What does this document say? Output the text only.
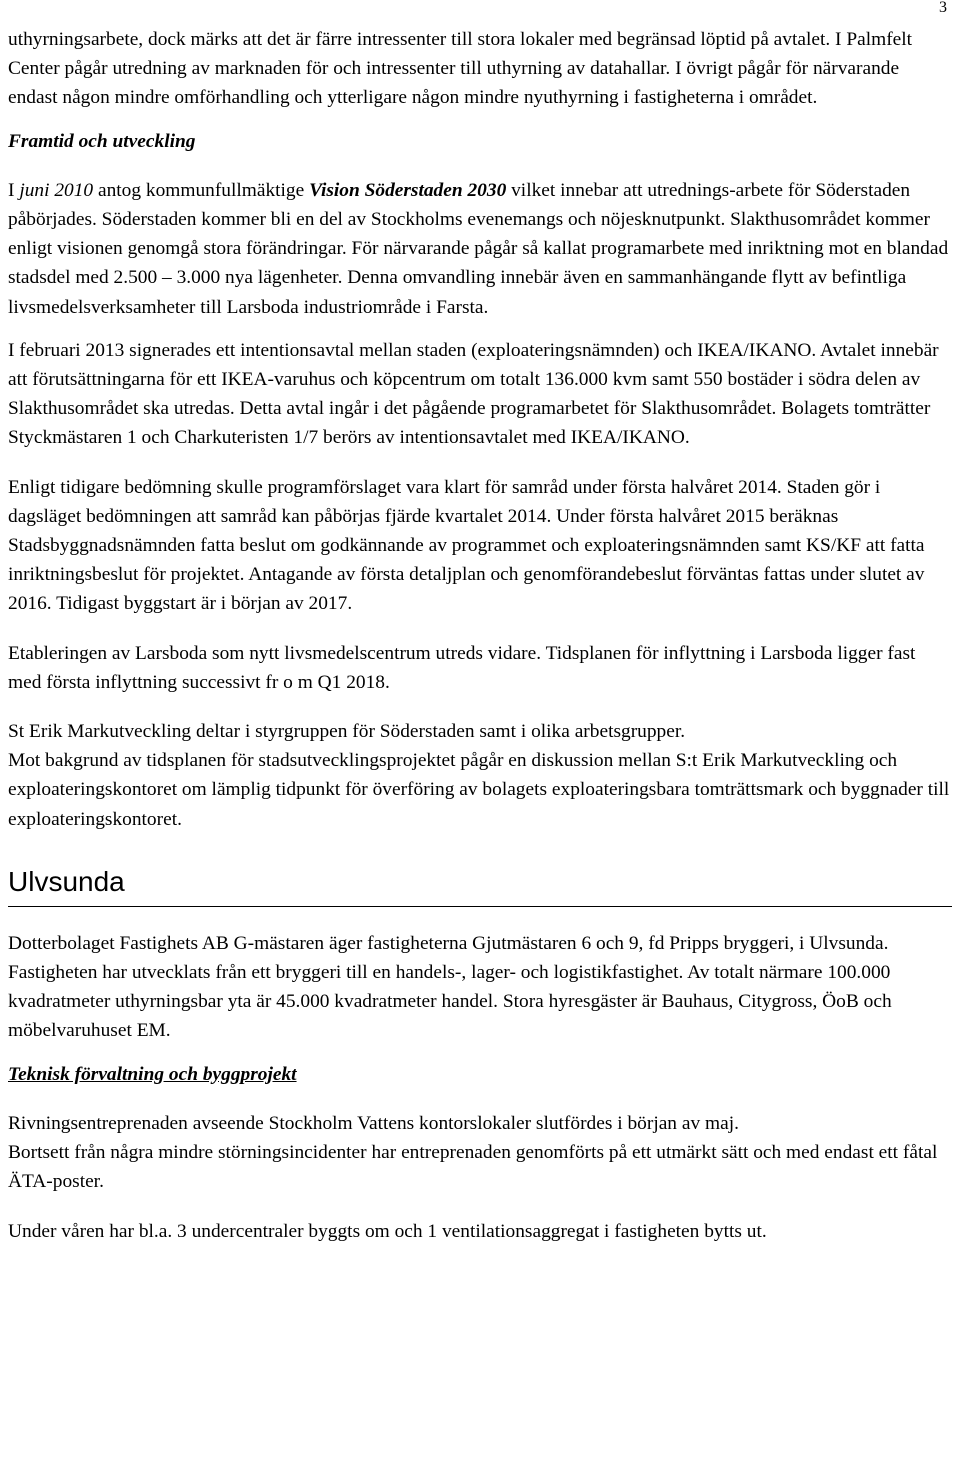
3

uthyrningsarbete, dock märks att det är färre intressenter till stora lokaler med begränsad löptid på avtalet. I Palmfelt Center pågår utredning av marknaden för och intressenter till uthyrning av datahallar. I övrigt pågår för närvarande endast någon mindre omförhandling och ytterligare någon mindre nyuthyrning i fastigheterna i området.

Framtid och utveckling

I juni 2010 antog kommunfullmäktige Vision Söderstaden 2030 vilket innebar att utrednings-arbete för Söderstaden påbörjades. Söderstaden kommer bli en del av Stockholms evenemangs och nöjesknutpunkt. Slakthusområdet kommer enligt visionen genomgå stora förändringar. För närvarande pågår så kallat programarbete med inriktning mot en blandad stadsdel med 2.500 – 3.000 nya lägenheter. Denna omvandling innebär även en sammanhängande flytt av befintliga livsmedelsverksamheter till Larsboda industriområde i Farsta.

I februari 2013 signerades ett intentionsavtal mellan staden (exploateringsnämnden) och IKEA/IKANO. Avtalet innebär att förutsättningarna för ett IKEA-varuhus och köpcentrum om totalt 136.000 kvm samt 550 bostäder i södra delen av Slakthusområdet ska utredas. Detta avtal ingår i det pågående programarbetet för Slakthusområdet. Bolagets tomträtter Styckmästaren 1 och Charkuteristen 1/7 berörs av intentionsavtalet med IKEA/IKANO.

Enligt tidigare bedömning skulle programförslaget vara klart för samråd under första halvåret 2014. Staden gör i dagsläget bedömningen att samråd kan påbörjas fjärde kvartalet 2014. Under första halvåret 2015 beräknas Stadsbyggnadsnämnden fatta beslut om godkännande av programmet och exploateringsnämnden samt KS/KF att fatta inriktningsbeslut för projektet. Antagande av första detaljplan och genomförandebeslut förväntas fattas under slutet av 2016. Tidigast byggstart är i början av 2017.

Etableringen av Larsboda som nytt livsmedelscentrum utreds vidare. Tidsplanen för inflyttning i Larsboda ligger fast med första inflyttning successivt fr o m Q1 2018.

St Erik Markutveckling deltar i styrgruppen för Söderstaden samt i olika arbetsgrupper.

Mot bakgrund av tidsplanen för stadsutvecklingsprojektet pågår en diskussion mellan S:t Erik Markutveckling och exploateringskontoret om lämplig tidpunkt för överföring av bolagets exploateringsbara tomträttsmark och byggnader till exploateringskontoret.

Ulvsunda

Dotterbolaget Fastighets AB G-mästaren äger fastigheterna Gjutmästaren 6 och 9, fd Pripps bryggeri, i Ulvsunda. Fastigheten har utvecklats från ett bryggeri till en handels-, lager- och logistikfastighet. Av totalt närmare 100.000 kvadratmeter uthyrningsbar yta är 45.000 kvadratmeter handel. Stora hyresgäster är Bauhaus, Citygross, ÖoB och möbelvaruhuset EM.

Teknisk förvaltning och byggprojekt

Rivningsentreprenaden avseende Stockholm Vattens kontorslokaler slutfördes i början av maj.

Bortsett från några mindre störningsincidenter har entreprenaden genomförts på ett utmärkt sätt och med endast ett fåtal ÄTA-poster.

Under våren har bl.a. 3 undercentraler byggts om och 1 ventilationsaggregat i fastigheten bytts ut.
